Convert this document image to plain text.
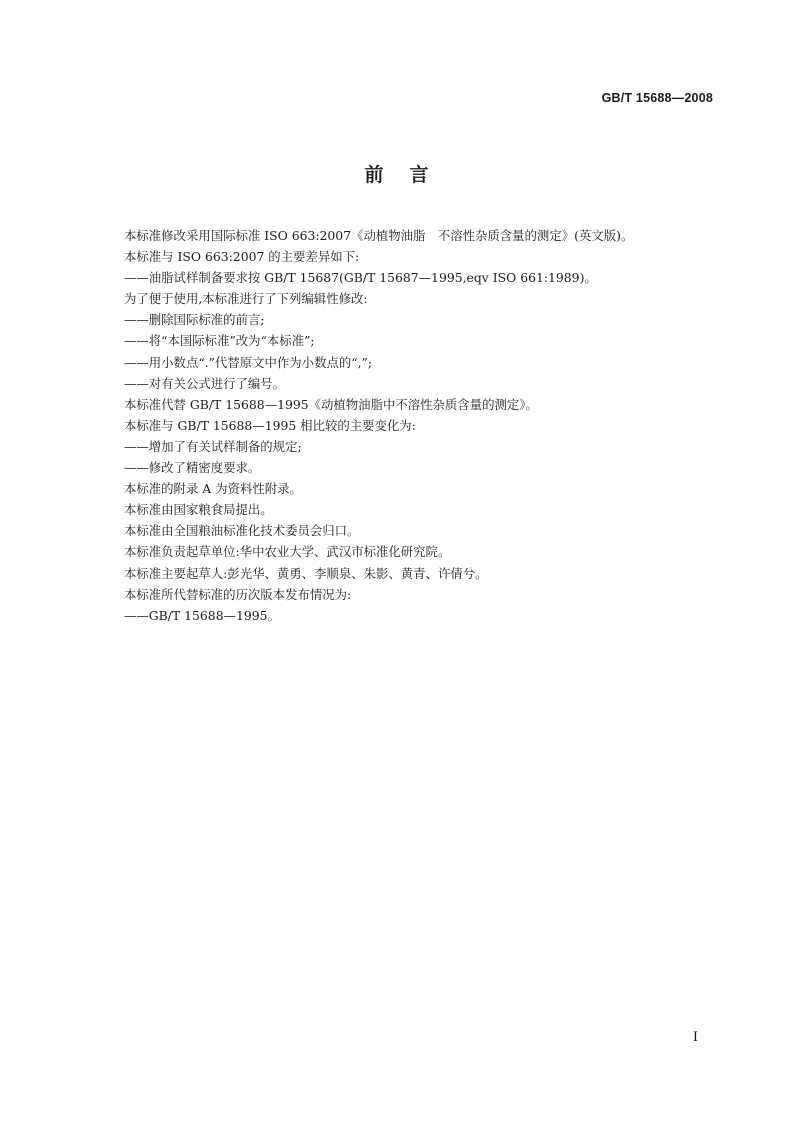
GB/T 15688—2008
前言
本标准修改采用国际标准 ISO 663:2007《动植物油脂　不溶性杂质含量的测定》(英文版)。
本标准与 ISO 663:2007 的主要差异如下:
——油脂试样制备要求按 GB/T 15687(GB/T 15687—1995,eqv ISO 661:1989)。
为了便于使用,本标准进行了下列编辑性修改:
——删除国际标准的前言;
——将“本国际标准”改为“本标准”;
——用小数点“.”代替原文中作为小数点的“,”;
——对有关公式进行了编号。
本标准代替 GB/T 15688—1995《动植物油脂中不溶性杂质含量的测定》。
本标准与 GB/T 15688—1995 相比较的主要变化为:
——增加了有关试样制备的规定;
——修改了精密度要求。
本标准的附录 A 为资料性附录。
本标准由国家粮食局提出。
本标准由全国粮油标准化技术委员会归口。
本标准负责起草单位:华中农业大学、武汉市标准化研究院。
本标准主要起草人:彭光华、黄勇、李顺泉、朱影、黄青、许倩兮。
本标准所代替标准的历次版本发布情况为:
——GB/T 15688—1995。
I
